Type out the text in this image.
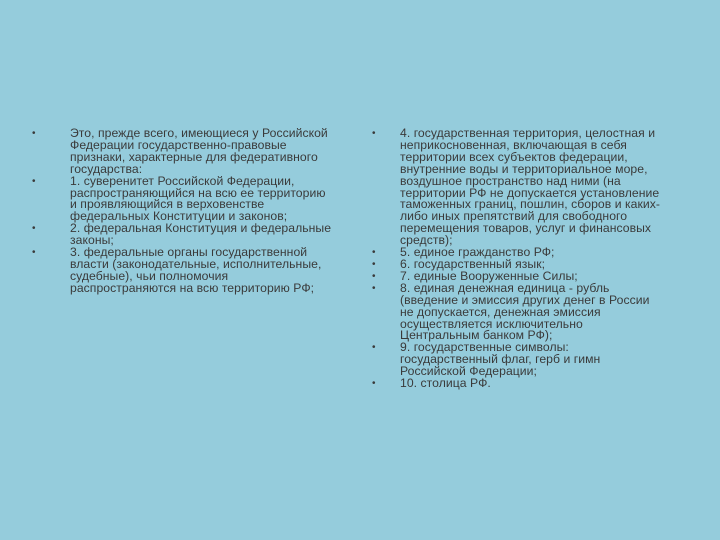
•	Это, прежде всего, имеющиеся у Российской
Федерации государственно-правовые
признаки, характерные для федеративного
государства:
•	1. суверенитет Российской Федерации,
распространяющийся на всю ее территорию
и проявляющийся в верховенстве
федеральных Конституции и законов;
•	2. федеральная Конституция и федеральные
законы;
•	3. федеральные органы государственной
власти (законодательные, исполнительные,
судебные), чьи полномочия
распространяются на всю территорию РФ;
•	4. государственная территория, целостная и
неприкосновенная, включающая в себя
территории всех субъектов федерации,
внутренние воды и территориальное море,
воздушное пространство над ними (на
территории РФ не допускается установление
таможенных границ, пошлин, сборов и каких-
либо иных препятствий для свободного
перемещения товаров, услуг и финансовых
средств);
•	5. единое гражданство РФ;
•	6. государственный язык;
•	7. единые Вооруженные Силы;
•	8. единая денежная единица - рубль
(введение и эмиссия других денег в России
не допускается, денежная эмиссия
осуществляется исключительно
Центральным банком РФ);
•	9. государственные символы:
государственный флаг, герб и гимн
Российской Федерации;
•	10. столица РФ.
